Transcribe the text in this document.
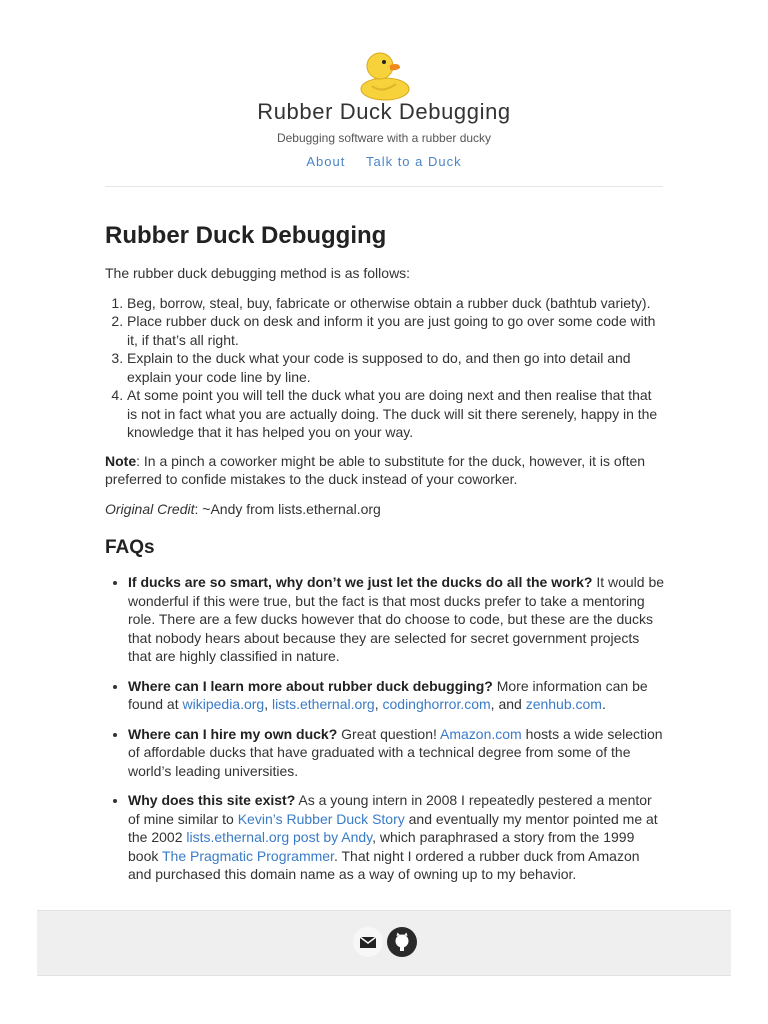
Rubber Duck Debugging
Debugging software with a rubber ducky
About Talk to a Duck
Rubber Duck Debugging

The rubber duck debugging method is as follows:

1. Beg, borrow, steal, buy, fabricate or otherwise obtain a rubber duck (bathtub variety).
2. Place rubber duck on desk and inform it you are just going to go over some code with it, if that’s all right.
3. Explain to the duck what your code is supposed to do, and then go into detail and explain your code line by line.
4. At some point you will tell the duck what you are doing next and then realise that that is not in fact what you are actually doing. The duck will sit there serenely, happy in the knowledge that it has helped you on your way.

Note: In a pinch a coworker might be able to substitute for the duck, however, it is often preferred to confide mistakes to the duck instead of your coworker.

Original Credit: ~Andy from lists.ethernal.org

FAQs
• If ducks are so smart, why don’t we just let the ducks do all the work? It would be wonderful if this were true, but the fact is that most ducks prefer to take a mentoring role. There are a few ducks however that do choose to code, but these are the ducks that nobody hears about because they are selected for secret government projects that are highly classified in nature.
• Where can I learn more about rubber duck debugging? More information can be found at wikipedia.org, lists.ethernal.org, codinghorror.com, and zenhub.com.
• Where can I hire my own duck? Great question! Amazon.com hosts a wide selection of affordable ducks that have graduated with a technical degree from some of the world’s leading universities.
• Why does this site exist? As a young intern in 2008 I repeatedly pestered a mentor of mine similar to Kevin’s Rubber Duck Story and eventually my mentor pointed me at the 2002 lists.ethernal.org post by Andy, which paraphrased a story from the 1999 book The Pragmatic Programmer. That night I ordered a rubber duck from Amazon and purchased this domain name as a way of owning up to my behavior.
